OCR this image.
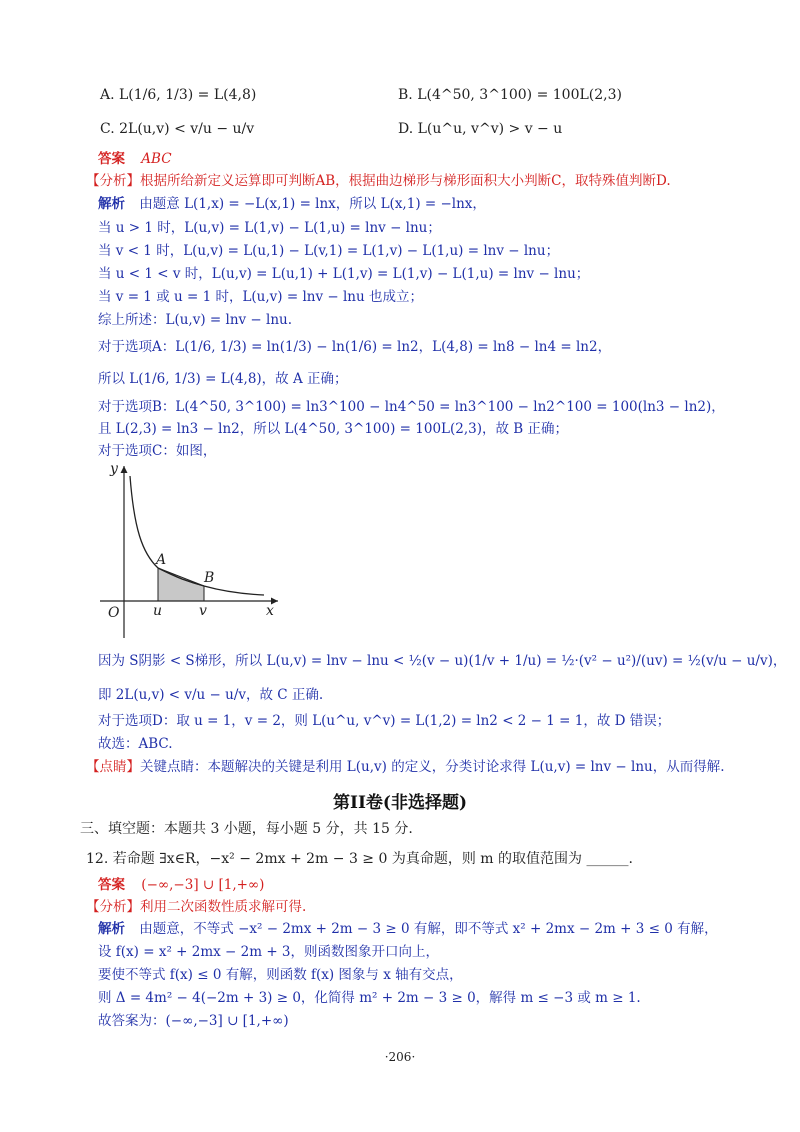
A. L(1/6, 1/3) = L(4,8)	B. L(4^50, 3^100) = 100L(2,3)
C. 2L(u,v) < v/u − u/v	D. L(u^u, v^v) > v − u
答案 ABC
【分析】根据所给新定义运算即可判断AB，根据曲边梯形与梯形面积大小判断C，取特殊值判断D.
解析 由题意 L(1,x) = −L(x,1) = lnx，所以 L(x,1) = −lnx，
当 u > 1 时，L(u,v) = L(1,v) − L(1,u) = lnv − lnu；
当 v < 1 时，L(u,v) = L(u,1) − L(v,1) = L(1,v) − L(1,u) = lnv − lnu；
当 u < 1 < v 时，L(u,v) = L(u,1) + L(1,v) = L(1,v) − L(1,u) = lnv − lnu；
当 v = 1 或 u = 1 时，L(u,v) = lnv − lnu 也成立；
综上所述：L(u,v) = lnv − lnu.
对于选项A：L(1/6, 1/3) = ln(1/3) − ln(1/6) = ln2，L(4,8) = ln8 − ln4 = ln2，
所以 L(1/6, 1/3) = L(4,8)，故 A 正确；
对于选项B：L(4^50, 3^100) = ln3^100 − ln4^50 = ln3^100 − ln2^100 = 100(ln3 − ln2)，
且 L(2,3) = ln3 − ln2，所以 L(4^50, 3^100) = 100L(2,3)，故 B 正确；
对于选项C：如图，
y
x
O
A
B
u	v
因为 S阴影 < S梯形，所以 L(u,v) = lnv − lnu < ½(v − u)(1/v + 1/u) = ½·(v² − u²)/(uv) = ½(v/u − u/v)，
即 2L(u,v) < v/u − u/v，故 C 正确.
对于选项D：取 u = 1，v = 2，则 L(u^u, v^v) = L(1,2) = ln2 < 2 − 1 = 1，故 D 错误；
故选：ABC.
【点睛】关键点睛：本题解决的关键是利用 L(u,v) 的定义，分类讨论求得 L(u,v) = lnv − lnu，从而得解.
第II卷(非选择题)
三、填空题：本题共 3 小题，每小题 5 分，共 15 分.
12. 若命题 ∃x∈R，−x² − 2mx + 2m − 3 ≥ 0 为真命题，则 m 的取值范围为 ______.
答案 (−∞,−3] ∪ [1,+∞)
【分析】利用二次函数性质求解可得.
解析 由题意，不等式 −x² − 2mx + 2m − 3 ≥ 0 有解，即不等式 x² + 2mx − 2m + 3 ≤ 0 有解，
设 f(x) = x² + 2mx − 2m + 3，则函数图象开口向上，
要使不等式 f(x) ≤ 0 有解，则函数 f(x) 图象与 x 轴有交点，
则 Δ = 4m² − 4(−2m + 3) ≥ 0，化简得 m² + 2m − 3 ≥ 0，解得 m ≤ −3 或 m ≥ 1.
故答案为：(−∞,−3] ∪ [1,+∞)
·206·
